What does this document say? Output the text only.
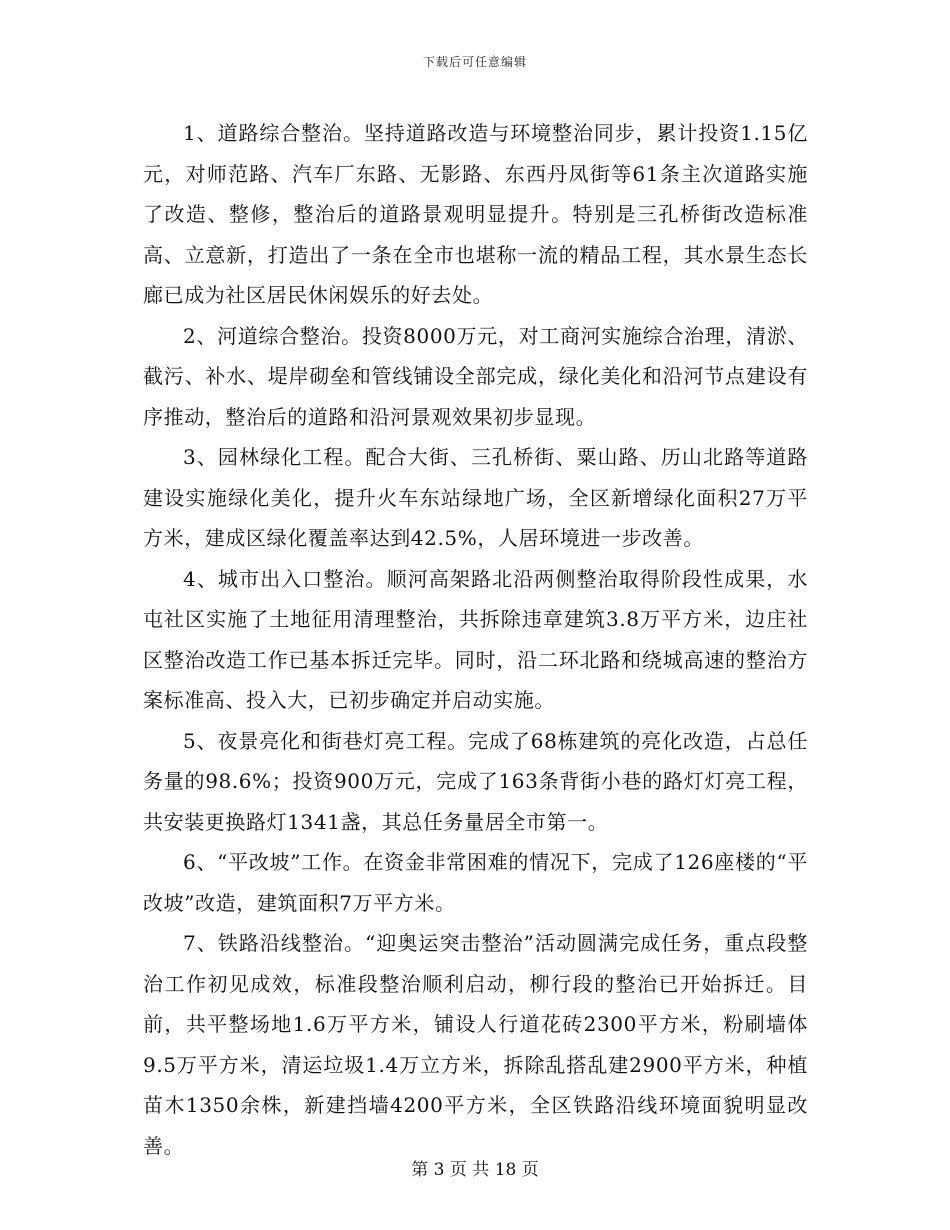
下载后可任意编辑

1、道路综合整治。坚持道路改造与环境整治同步，累计投资1.15亿元，对师范路、汽车厂东路、无影路、东西丹凤街等61条主次道路实施了改造、整修，整治后的道路景观明显提升。特别是三孔桥街改造标准高、立意新，打造出了一条在全市也堪称一流的精品工程，其水景生态长廊已成为社区居民休闲娱乐的好去处。

2、河道综合整治。投资8000万元，对工商河实施综合治理，清淤、截污、补水、堤岸砌垒和管线铺设全部完成，绿化美化和沿河节点建设有序推动，整治后的道路和沿河景观效果初步显现。

3、园林绿化工程。配合大街、三孔桥街、粟山路、历山北路等道路建设实施绿化美化，提升火车东站绿地广场，全区新增绿化面积27万平方米，建成区绿化覆盖率达到42.5%，人居环境进一步改善。

4、城市出入口整治。顺河高架路北沿两侧整治取得阶段性成果，水屯社区实施了土地征用清理整治，共拆除违章建筑3.8万平方米，边庄社区整治改造工作已基本拆迁完毕。同时，沿二环北路和绕城高速的整治方案标准高、投入大，已初步确定并启动实施。

5、夜景亮化和街巷灯亮工程。完成了68栋建筑的亮化改造，占总任务量的98.6%；投资900万元，完成了163条背街小巷的路灯灯亮工程，共安装更换路灯1341盏，其总任务量居全市第一。

6、“平改坡”工作。在资金非常困难的情况下，完成了126座楼的“平改坡”改造，建筑面积7万平方米。

7、铁路沿线整治。“迎奥运突击整治”活动圆满完成任务，重点段整治工作初见成效，标准段整治顺利启动，柳行段的整治已开始拆迁。目前，共平整场地1.6万平方米，铺设人行道花砖2300平方米，粉刷墙体9.5万平方米，清运垃圾1.4万立方米，拆除乱搭乱建2900平方米，种植苗木1350余株，新建挡墙4200平方米，全区铁路沿线环境面貌明显改善。

第 3 页 共 18 页
